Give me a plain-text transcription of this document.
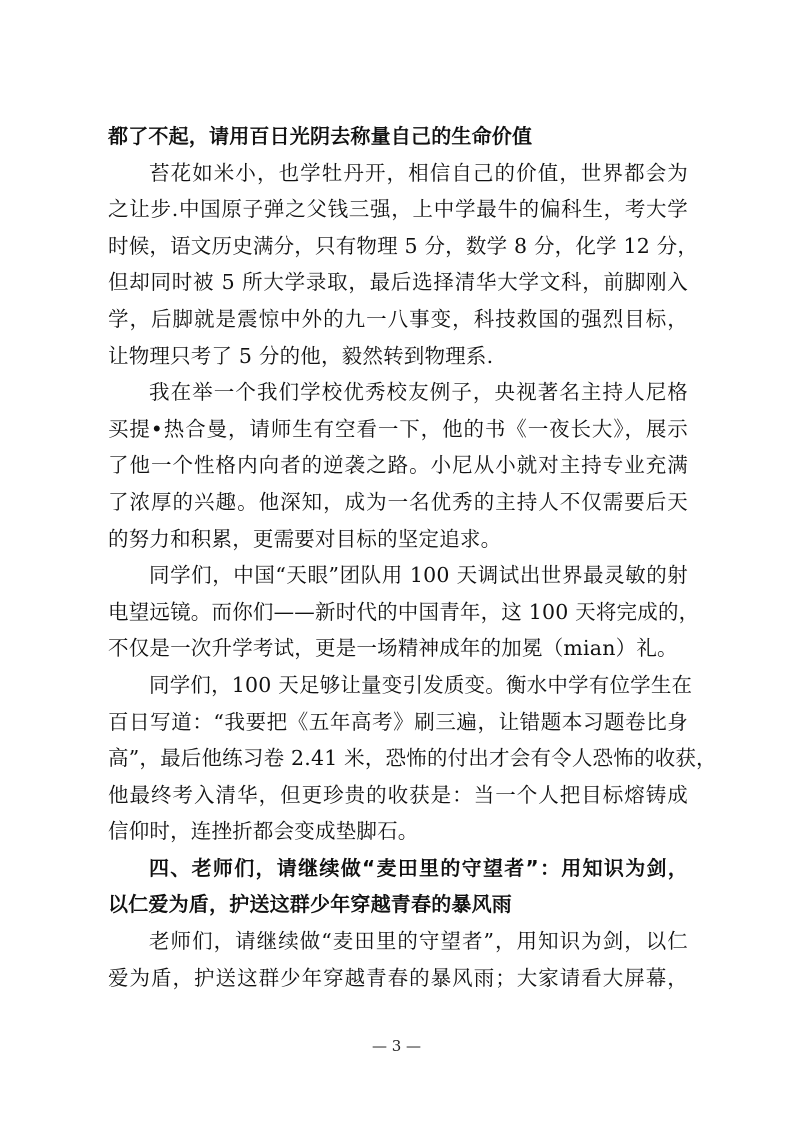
都了不起，请用百日光阴去称量自己的生命价值
苔花如米小，也学牡丹开，相信自己的价值，世界都会为
之让步.中国原子弹之父钱三强，上中学最牛的偏科生，考大学
时候，语文历史满分，只有物理 5 分，数学 8 分，化学 12 分，
但却同时被 5 所大学录取，最后选择清华大学文科，前脚刚入
学，后脚就是震惊中外的九一八事变，科技救国的强烈目标，
让物理只考了 5 分的他，毅然转到物理系.
我在举一个我们学校优秀校友例子，央视著名主持人尼格
买提•热合曼，请师生有空看一下，他的书《一夜长大》，展示
了他一个性格内向者的逆袭之路。小尼从小就对主持专业充满
了浓厚的兴趣。他深知，成为一名优秀的主持人不仅需要后天
的努力和积累，更需要对目标的坚定追求。
同学们，中国“天眼”团队用 100 天调试出世界最灵敏的射
电望远镜。而你们——新时代的中国青年，这 100 天将完成的，
不仅是一次升学考试，更是一场精神成年的加冕（mian）礼。
同学们，100 天足够让量变引发质变。衡水中学有位学生在
百日写道：“我要把《五年高考》刷三遍，让错题本习题卷比身
高”，最后他练习卷 2.41 米，恐怖的付出才会有令人恐怖的收获，
他最终考入清华，但更珍贵的收获是：当一个人把目标熔铸成
信仰时，连挫折都会变成垫脚石。
四、老师们，请继续做“麦田里的守望者”：用知识为剑，
以仁爱为盾，护送这群少年穿越青春的暴风雨
老师们，请继续做“麦田里的守望者”，用知识为剑，以仁
爱为盾，护送这群少年穿越青春的暴风雨；大家请看大屏幕，
— 3 —
